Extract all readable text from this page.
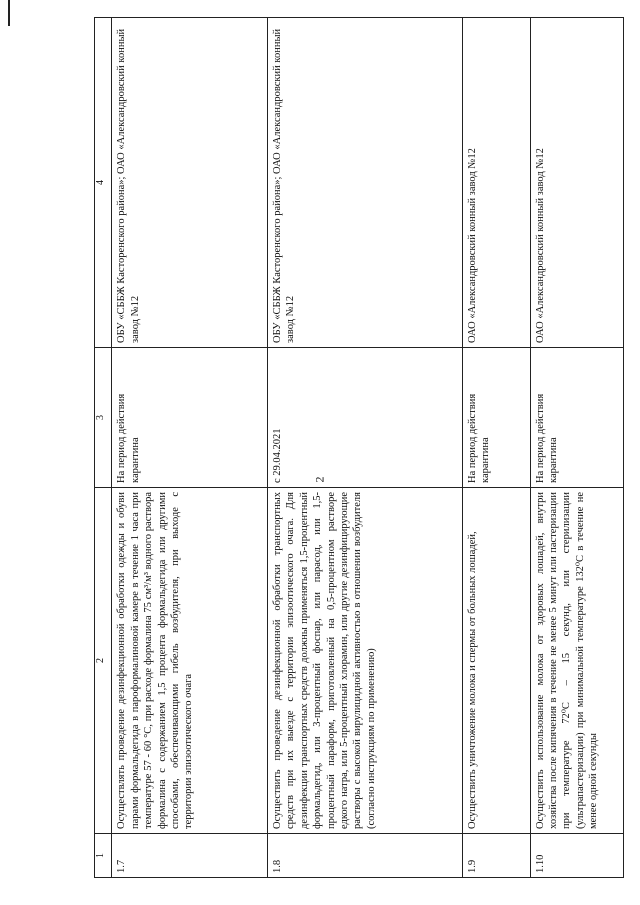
2
1	2	3	4
1.7	Осуществлять проведение дезинфекционной обработки одежды и обуви парами формальдегида в пароформалиновой камере в течение 1 часа при температуре 57 - 60 °С, при расходе формалина 75 см³/м³ водного раствора формалина с содержанием 1,5 процента формальдегида или другими способами, обеспечивающими гибель возбудителя, при выходе с территории эпизоотического очага	На период действия карантина	ОБУ «СББЖ Касторенского района»; ОАО «Александровский конный завод №12
1.8	Осуществить проведение дезинфекционной обработки транспортных средств при их выезде с территории эпизоотического очага. Для дезинфекции транспортных средств должны применяться 1,5-процентный формальдегид, или 3-процентный фоспар, или парасод, или 1,5-процентный параформ, приготовленный на 0,5-процентном растворе едкого натра, или 5-процентный хлорамин, или другие дезинфицирующие растворы с высокой вирулицидной активностью в отношении возбудителя (согласно инструкциям по применению)	с 29.04.2021	ОБУ «СББЖ Касторенского района»; ОАО «Александровский конный завод №12
1.9	Осуществить уничтожение молока и спермы от больных лошадей,	На период действия карантина	ОАО «Александровский конный завод №12
1.10	Осуществить использование молока от здоровых лошадей, внутри хозяйства после кипячения в течение не менее 5 минут или пастеризации при температуре 72⁰С – 15 секунд, или стерилизации (ультрапастеризации) при минимальной температуре 132⁰С в течение не менее одной секунды	На период действия карантина	ОАО «Александровский конный завод №12
